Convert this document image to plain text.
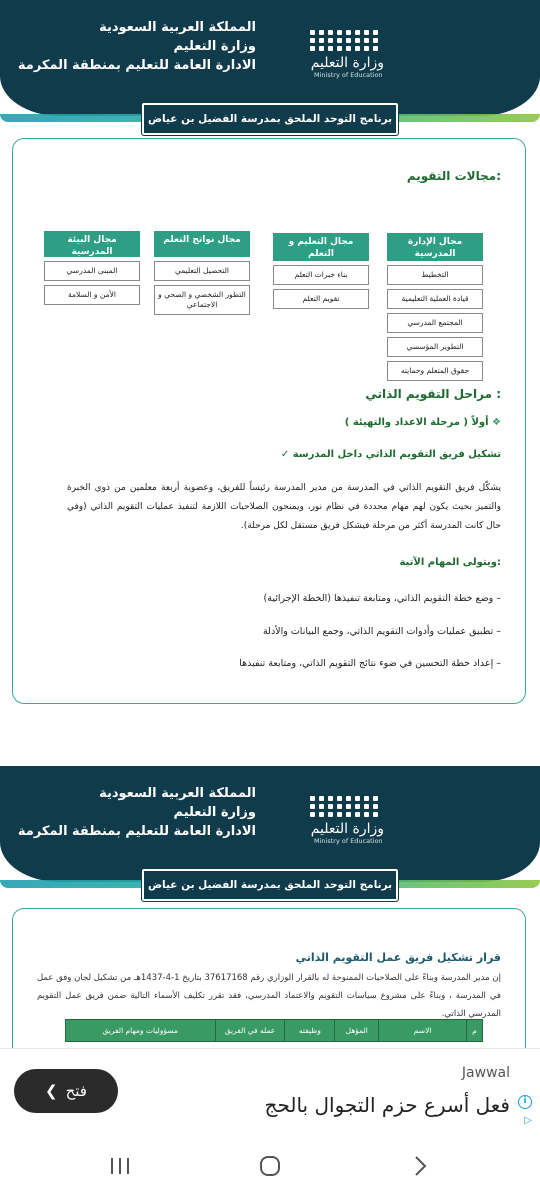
المملكة العربية السعودية
وزارة التعليم
الادارة العامة للتعليم بمنطقة المكرمة	وزارة التعليم
Ministry of Education
برنامج التوحد الملحق بمدرسة الفضيل بن عياض
مجالات التقويم:
مجال الإدارة المدرسية
التخطيط
قيادة العملية التعليمية
المجتمع المدرسي
التطوير المؤسسي
حقوق المتعلم وحمايته
مجال التعليم و التعلم
بناء خبرات التعلم
تقويم التعلم
مجال نواتج التعلم
التحصيل التعليمي
التطور الشخصي و الصحي و الاجتماعي
مجال البيئة المدرسية
المبنى المدرسي
الأمن و السلامة
مراحل التقويم الذاتي :
❖ أولاً ( مرحلة الاعداد والتهيئة )
تشكيل فريق التقويم الذاتي داخل المدرسة ✓
يشكّل فريق التقويم الذاتي في المدرسة من مدير المدرسة رئيساً للفريق، وعضوية أربعة معلمين من ذوي الخبرة والتميز بحيث يكون لهم مهام محددة في نظام نور، ويمنحون الصلاحيات اللازمة لتنفيذ عمليات التقويم الذاتي (وفي حال كانت المدرسة أكثر من مرحلة فيشكل فريق مستقل لكل مرحلة).
ويتولى المهام الآتية:
– وضع خطة التقويم الذاتي، ومتابعة تنفيذها (الخطة الإجرائية)
– تطبيق عمليات وأدوات التقويم الذاتي، وجمع البيانات والأدلة
– إعداد خطة التحسين في ضوء نتائج التقويم الذاتي، ومتابعة تنفيذها
المملكة العربية السعودية
وزارة التعليم
الادارة العامة للتعليم بمنطقة المكرمة	وزارة التعليم
Ministry of Education
برنامج التوحد الملحق بمدرسة الفضيل بن عياض
قرار تشكيل فريق عمل التقويم الذاتي
إن مدير المدرسة وبناءً على الصلاحيات الممنوحة له بالقرار الوزاري رقم 37617168 بتاريخ 1-4-1437هـ من تشكيل لجان وفق عمل في المدرسة ، وبناءً على مشروع سياسات التقويم والاعتماد المدرسي، فقد تقرر تكليف الأسماء التالية ضمن فريق عمل التقويم المدرسي الذاتي.
مسؤوليات ومهام الفريق	عمله في الفريق	وظيفته	المؤهل	الاسم	م
❮ فتح
Jawwal
فعل أسرع حزم التجوال بالحج	i
▷
